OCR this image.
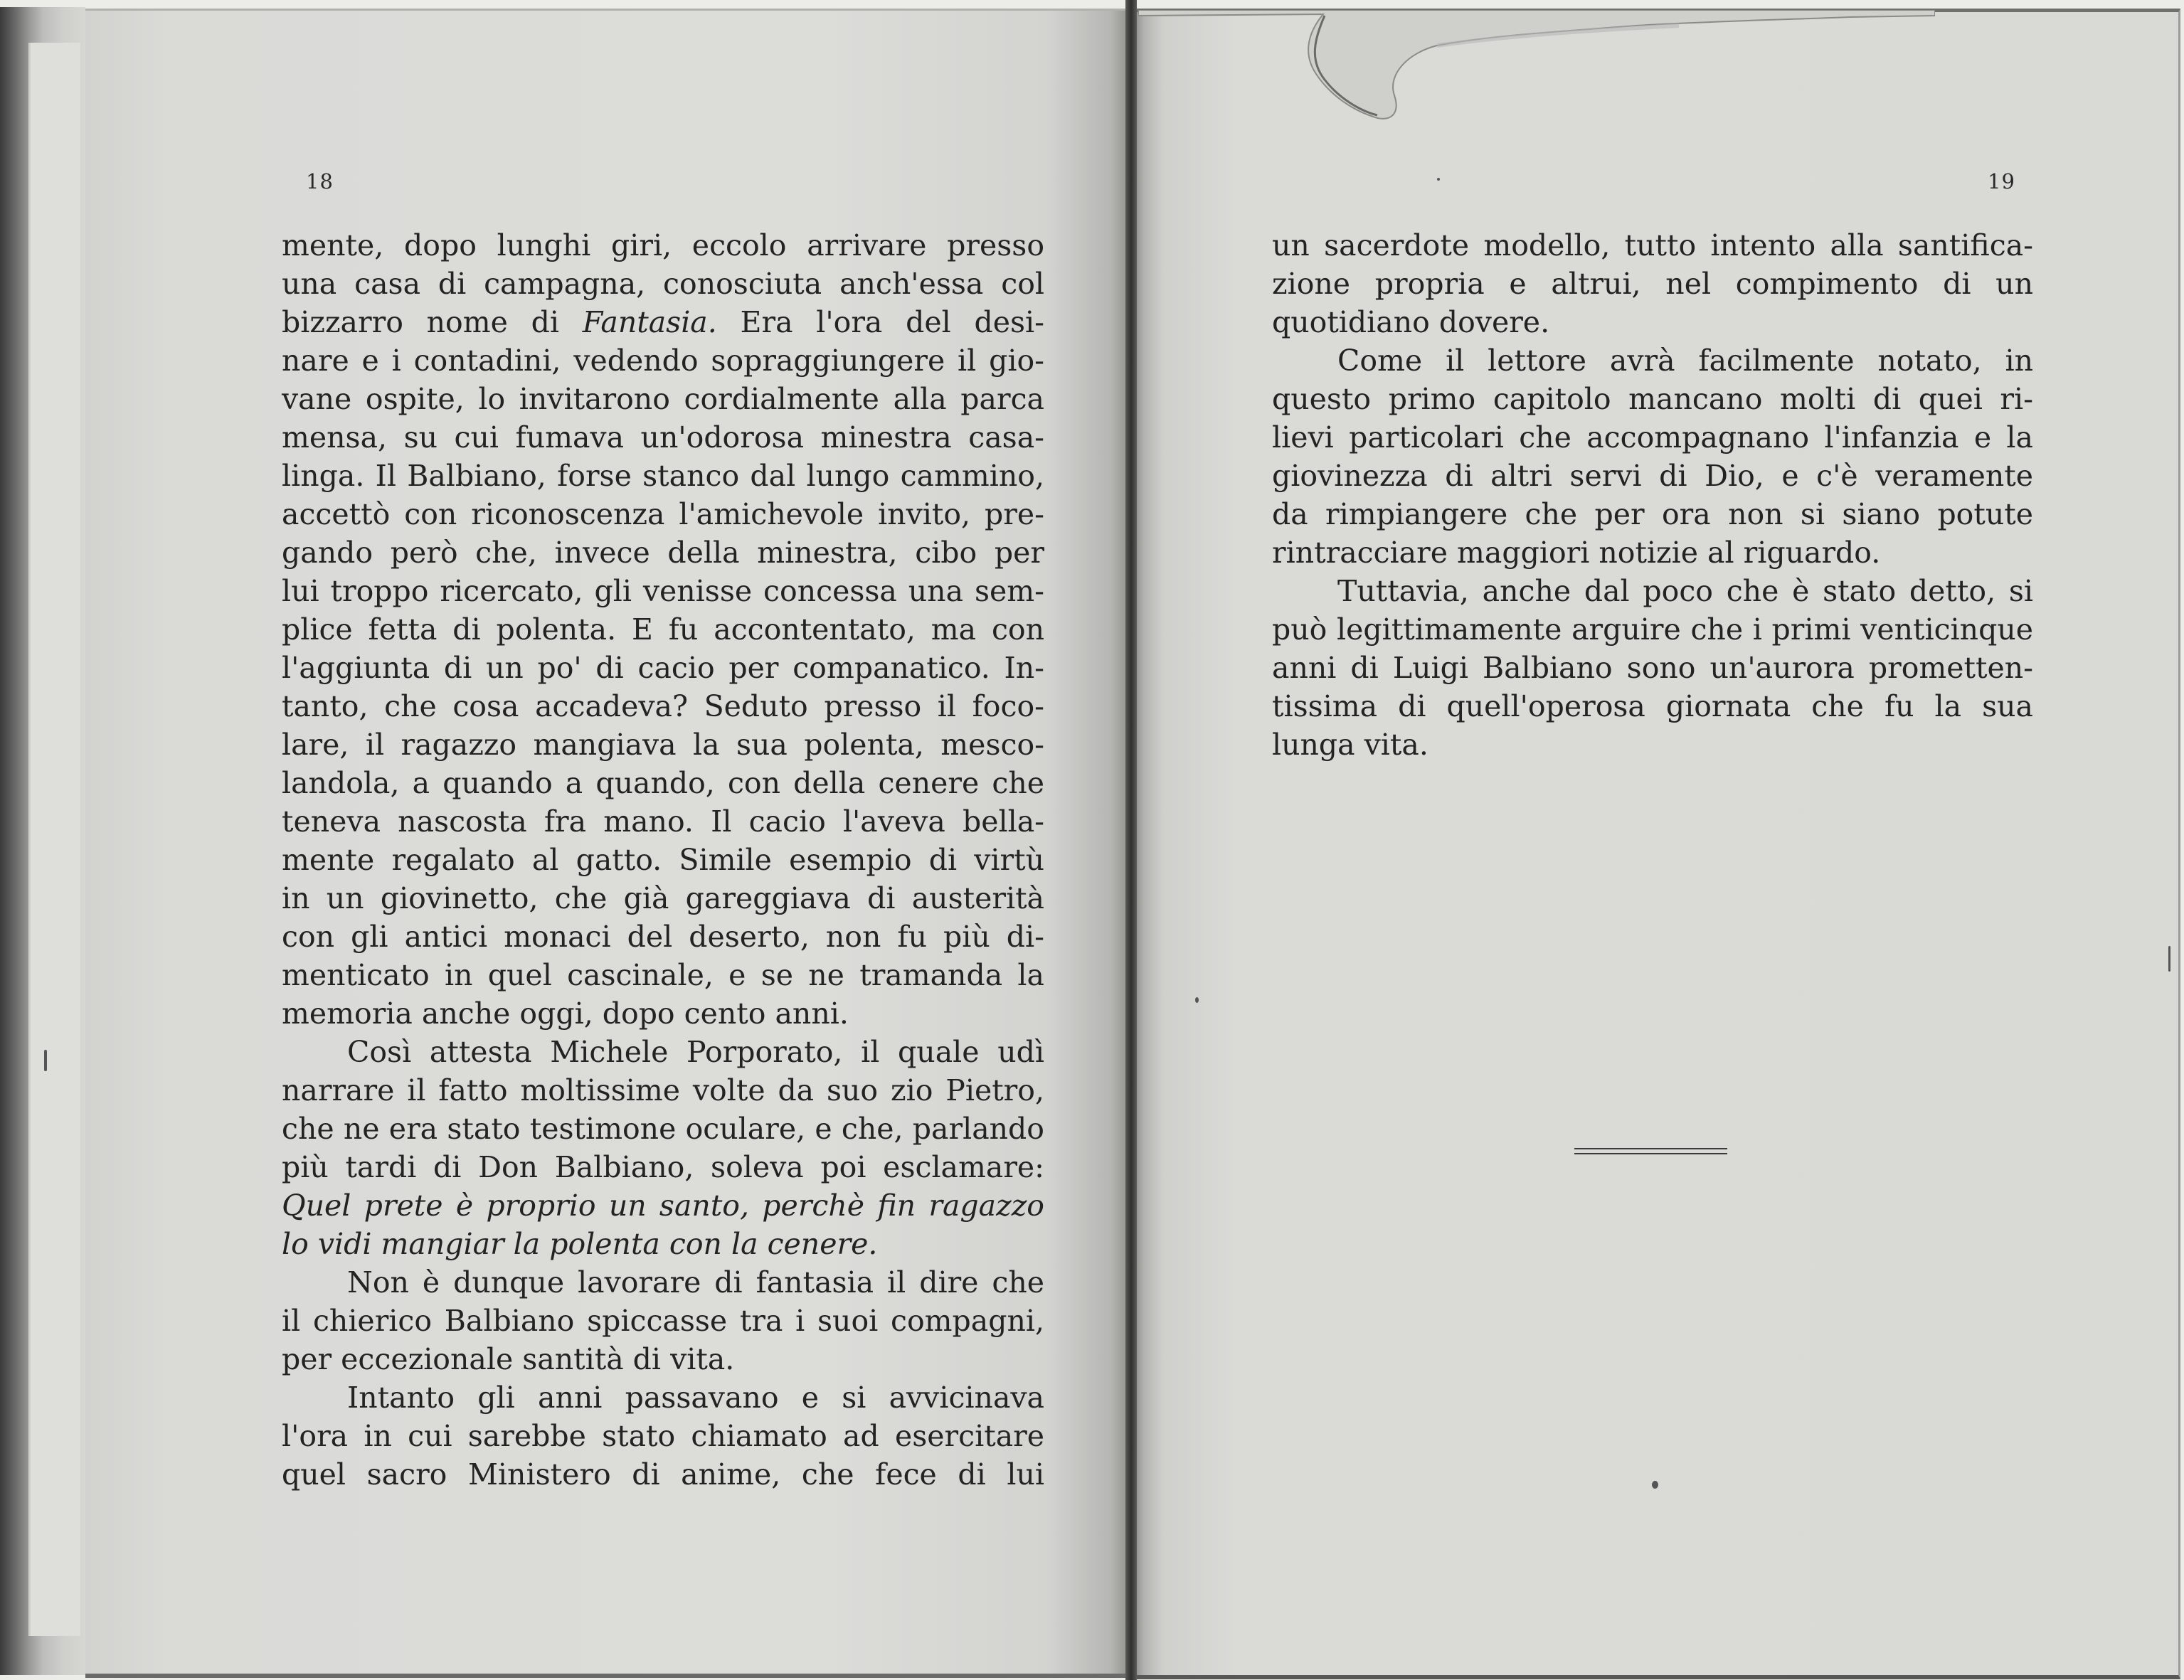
18	19
mente, dopo lunghi giri, eccolo arrivare presso
una casa di campagna, conosciuta anch'essa col
bizzarro nome di Fantasia. Era l'ora del desi-
nare e i contadini, vedendo sopraggiungere il gio-
vane ospite, lo invitarono cordialmente alla parca
mensa, su cui fumava un'odorosa minestra casa-
linga. Il Balbiano, forse stanco dal lungo cammino,
accettò con riconoscenza l'amichevole invito, pre-
gando però che, invece della minestra, cibo per
lui troppo ricercato, gli venisse concessa una sem-
plice fetta di polenta. E fu accontentato, ma con
l'aggiunta di un po' di cacio per companatico. In-
tanto, che cosa accadeva? Seduto presso il foco-
lare, il ragazzo mangiava la sua polenta, mesco-
landola, a quando a quando, con della cenere che
teneva nascosta fra mano. Il cacio l'aveva bella-
mente regalato al gatto. Simile esempio di virtù
in un giovinetto, che già gareggiava di austerità
con gli antici monaci del deserto, non fu più di-
menticato in quel cascinale, e se ne tramanda la
memoria anche oggi, dopo cento anni.
Così attesta Michele Porporato, il quale udì
narrare il fatto moltissime volte da suo zio Pietro,
che ne era stato testimone oculare, e che, parlando
più tardi di Don Balbiano, soleva poi esclamare:
Quel prete è proprio un santo, perchè fin ragazzo
lo vidi mangiar la polenta con la cenere.
Non è dunque lavorare di fantasia il dire che
il chierico Balbiano spiccasse tra i suoi compagni,
per eccezionale santità di vita.
Intanto gli anni passavano e si avvicinava
l'ora in cui sarebbe stato chiamato ad esercitare
quel sacro Ministero di anime, che fece di lui
un sacerdote modello, tutto intento alla santifica-
zione propria e altrui, nel compimento di un
quotidiano dovere.
Come il lettore avrà facilmente notato, in
questo primo capitolo mancano molti di quei ri-
lievi particolari che accompagnano l'infanzia e la
giovinezza di altri servi di Dio, e c'è veramente
da rimpiangere che per ora non si siano potute
rintracciare maggiori notizie al riguardo.
Tuttavia, anche dal poco che è stato detto, si
può legittimamente arguire che i primi venticinque
anni di Luigi Balbiano sono un'aurora prometten-
tissima di quell'operosa giornata che fu la sua
lunga vita.
